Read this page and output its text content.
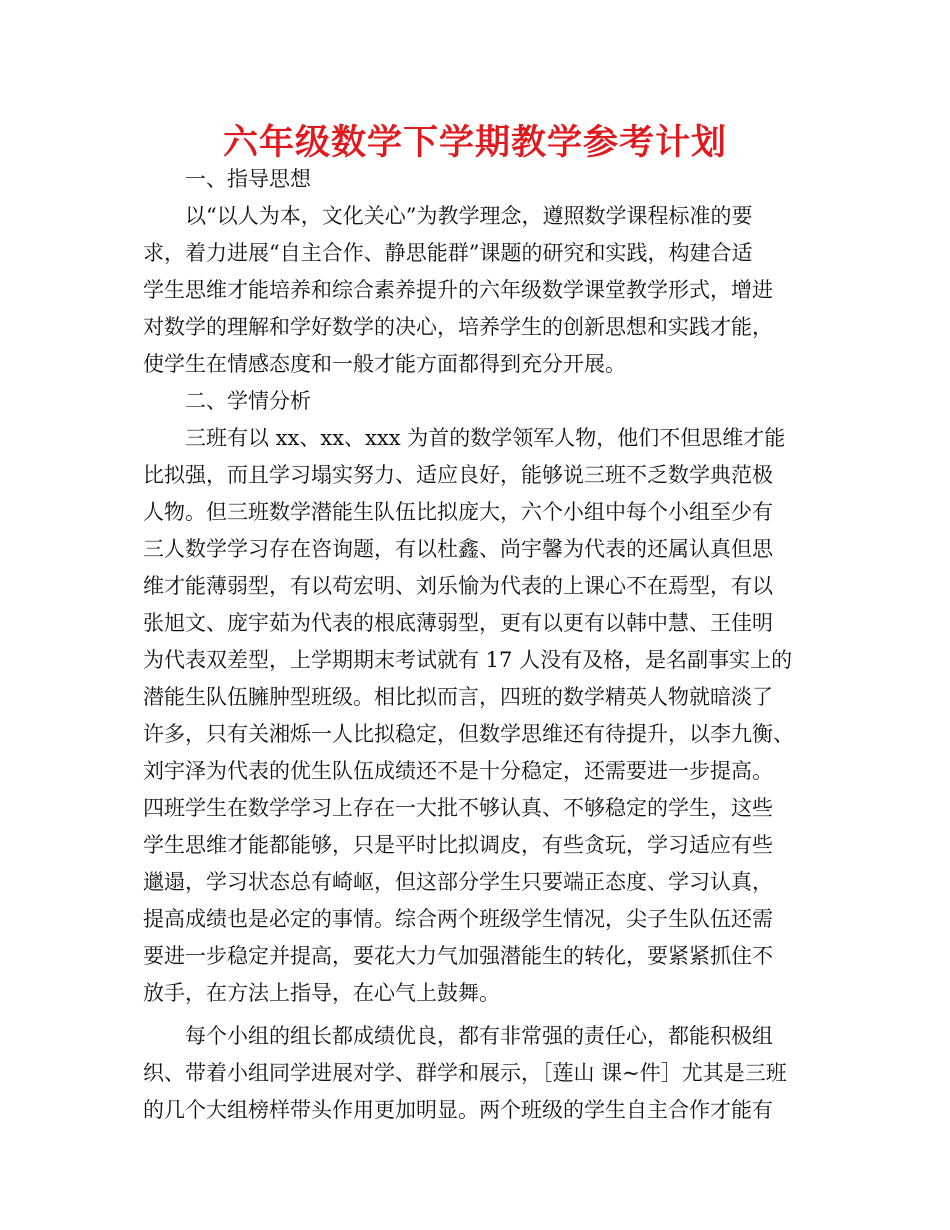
六年级数学下学期教学参考计划
一、指导思想
以“以人为本，文化关心”为教学理念，遵照数学课程标准的要
求，着力进展“自主合作、静思能群”课题的研究和实践，构建合适
学生思维才能培养和综合素养提升的六年级数学课堂教学形式，增进
对数学的理解和学好数学的决心，培养学生的创新思想和实践才能，
使学生在情感态度和一般才能方面都得到充分开展。
二、学情分析
三班有以 xx、xx、xxx 为首的数学领军人物，他们不但思维才能
比拟强，而且学习塌实努力、适应良好，能够说三班不乏数学典范极
人物。但三班数学潜能生队伍比拟庞大，六个小组中每个小组至少有
三人数学学习存在咨询题，有以杜鑫、尚宇馨为代表的还属认真但思
维才能薄弱型，有以苟宏明、刘乐愉为代表的上课心不在焉型，有以
张旭文、庞宇茹为代表的根底薄弱型，更有以更有以韩中慧、王佳明
为代表双差型，上学期期末考试就有 17 人没有及格，是名副事实上的
潜能生队伍臃肿型班级。相比拟而言，四班的数学精英人物就暗淡了
许多，只有关湘烁一人比拟稳定，但数学思维还有待提升，以李九衡、
刘宇泽为代表的优生队伍成绩还不是十分稳定，还需要进一步提高。
四班学生在数学学习上存在一大批不够认真、不够稳定的学生，这些
学生思维才能都能够，只是平时比拟调皮，有些贪玩，学习适应有些
邋遢，学习状态总有崎岖，但这部分学生只要端正态度、学习认真，
提高成绩也是必定的事情。综合两个班级学生情况，尖子生队伍还需
要进一步稳定并提高，要花大力气加强潜能生的转化，要紧紧抓住不
放手，在方法上指导，在心气上鼓舞。
每个小组的组长都成绩优良，都有非常强的责任心，都能积极组
织、带着小组同学进展对学、群学和展示，［莲山 课~件］尤其是三班
的几个大组榜样带头作用更加明显。两个班级的学生自主合作才能有
